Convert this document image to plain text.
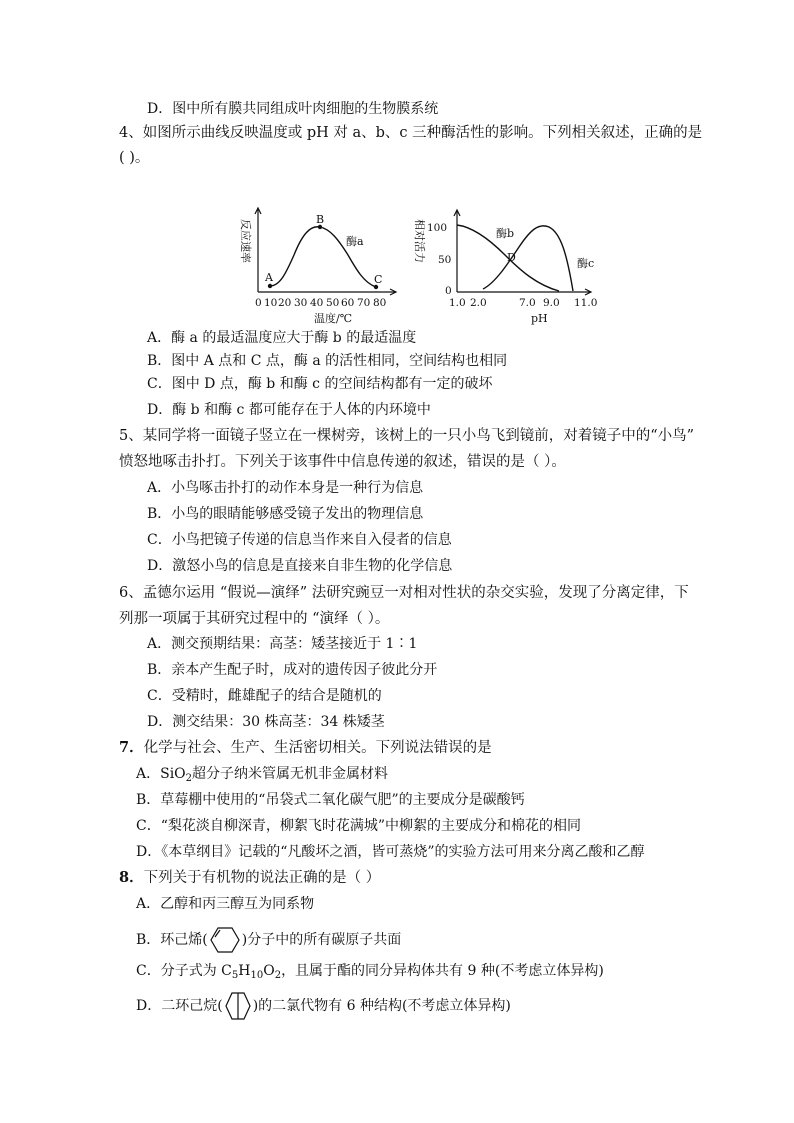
D．图中所有膜共同组成叶肉细胞的生物膜系统
4、如图所示曲线反映温度或 pH 对 a、b、c 三种酶活性的影响。下列相关叙述，正确的是
( )。
A
B
C
酶a
反应速率
0 10 20 30 40 50 60 70 80
温度/℃
100
50
0
相对活力	酶b
D	酶c
1.0 2.0	7.0 9.0 11.0
pH
A．酶 a 的最适温度应大于酶 b 的最适温度
B．图中 A 点和 C 点，酶 a 的活性相同，空间结构也相同
C．图中 D 点，酶 b 和酶 c 的空间结构都有一定的破坏
D．酶 b 和酶 c 都可能存在于人体的内环境中
5、某同学将一面镜子竖立在一棵树旁，该树上的一只小鸟飞到镜前，对着镜子中的“小鸟”
愤怒地啄击扑打。下列关于该事件中信息传递的叙述，错误的是（ ）。
A．小鸟啄击扑打的动作本身是一种行为信息
B．小鸟的眼睛能够感受镜子发出的物理信息
C．小鸟把镜子传递的信息当作来自入侵者的信息
D．激怒小鸟的信息是直接来自非生物的化学信息
6、孟德尔运用 “假说—演绎” 法研究豌豆一对相对性状的杂交实验，发现了分离定律，下
列那一项属于其研究过程中的 “演绎（ ）。
A．测交预期结果：高茎：矮茎接近于 1∶1
B．亲本产生配子时，成对的遗传因子彼此分开
C．受精时，雌雄配子的结合是随机的
D．测交结果：30 株高茎：34 株矮茎
7．化学与社会、生产、生活密切相关。下列说法错误的是
A．SiO$_2$超分子纳米管属无机非金属材料
B．草莓棚中使用的“吊袋式二氧化碳气肥”的主要成分是碳酸钙
C．“梨花淡自柳深青，柳絮飞时花满城”中柳絮的主要成分和棉花的相同
D．《本草纲目》记载的“凡酸坏之酒，皆可蒸烧”的实验方法可用来分离乙酸和乙醇
8．下列关于有机物的说法正确的是（ ）
A．乙醇和丙三醇互为同系物
B．环己烯( )分子中的所有碳原子共面
C．分子式为 $C_5H_{10}O_2$，且属于酯的同分异构体共有 9 种(不考虑立体异构)
D．二环己烷( )的二氯代物有 6 种结构(不考虑立体异构)
